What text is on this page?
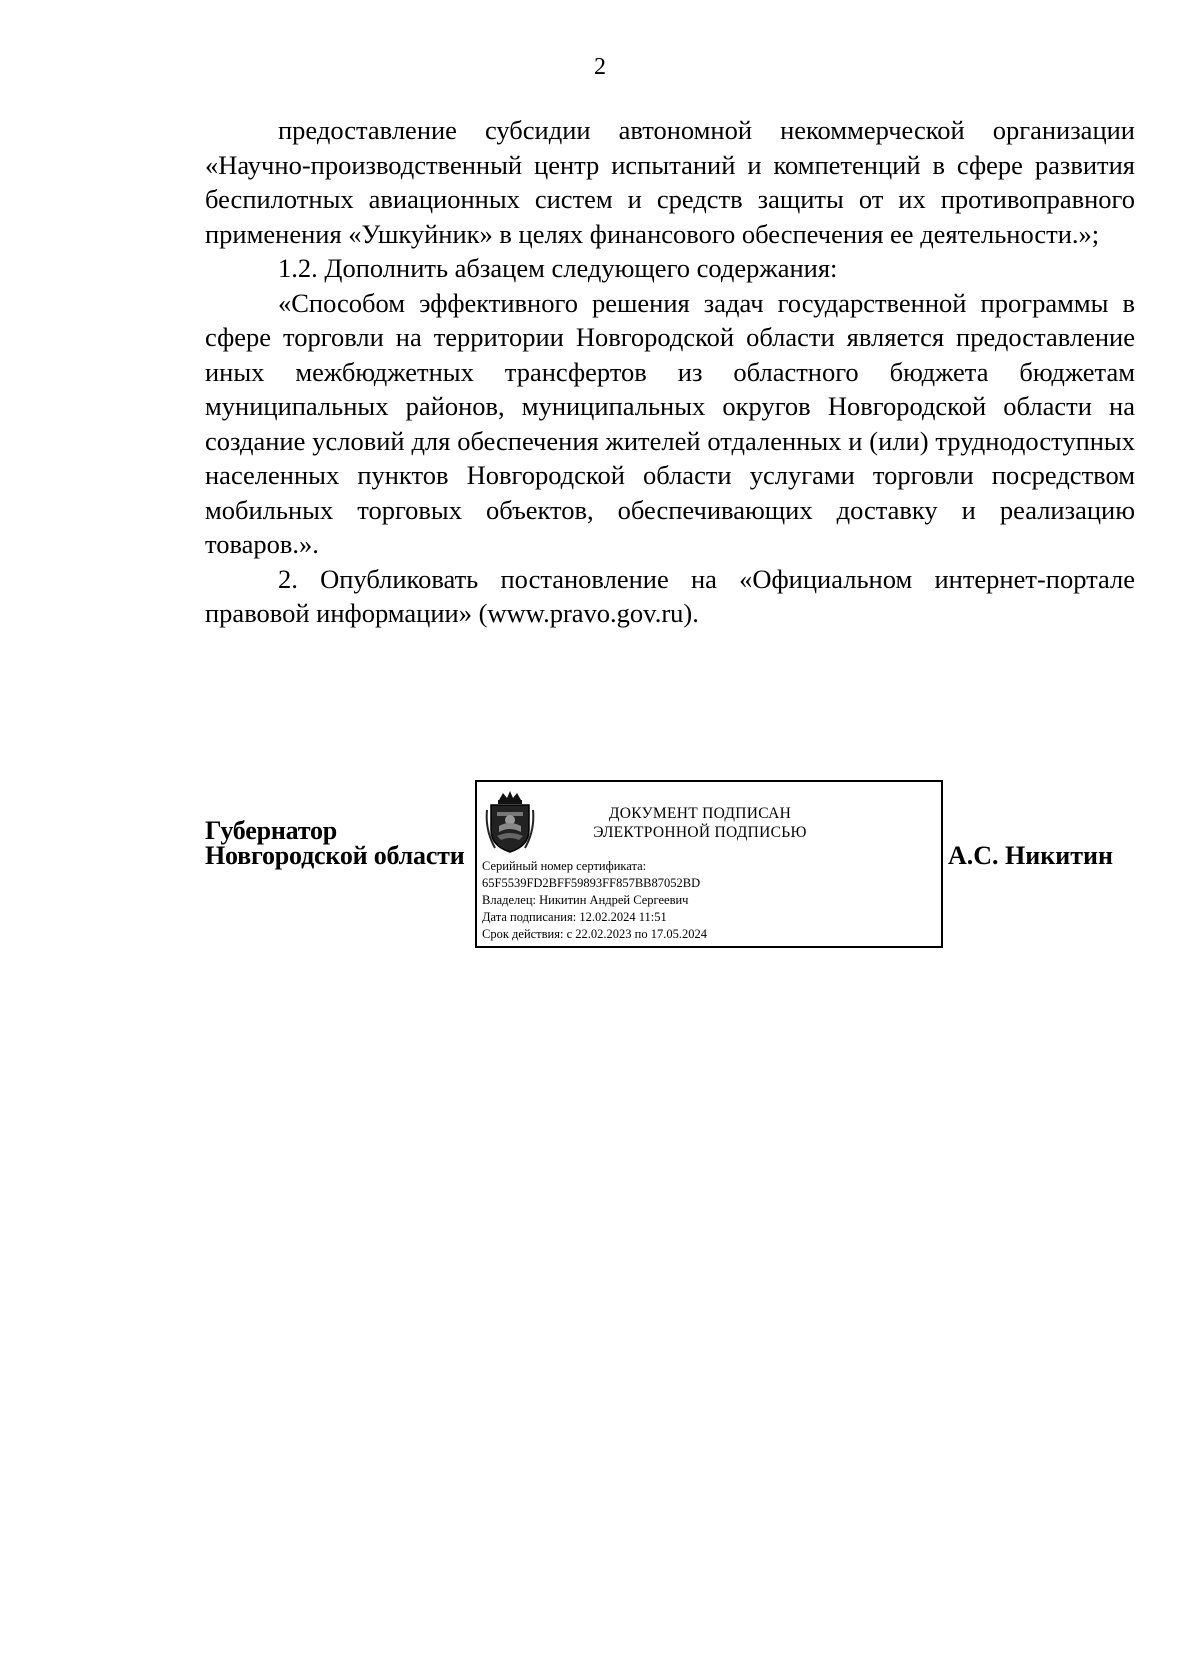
2

предоставление субсидии автономной некоммерческой организации «Научно-производственный центр испытаний и компетенций в сфере развития беспилотных авиационных систем и средств защиты от их противоправного применения «Ушкуйник» в целях финансового обеспечения ее деятельности.»;

1.2. Дополнить абзацем следующего содержания:

«Способом эффективного решения задач государственной программы в сфере торговли на территории Новгородской области является предоставление иных межбюджетных трансфертов из областного бюджета бюджетам муниципальных районов, муниципальных округов Новгородской области на создание условий для обеспечения жителей отдаленных и (или) труднодоступных населенных пунктов Новгородской области услугами торговли посредством мобильных торговых объектов, обеспечивающих доставку и реализацию товаров.».

2. Опубликовать постановление на «Официальном интернет-портале правовой информации» (www.pravo.gov.ru).

Губернатор
Новгородской области
ДОКУМЕНТ ПОДПИСАН
ЭЛЕКТРОННОЙ ПОДПИСЬЮ
Серийный номер сертификата:
65F5539FD2BFF59893FF857BB87052BD
Владелец: Никитин Андрей Сергеевич
Дата подписания: 12.02.2024 11:51
Срок действия: с 22.02.2023 по 17.05.2024
А.С. Никитин
